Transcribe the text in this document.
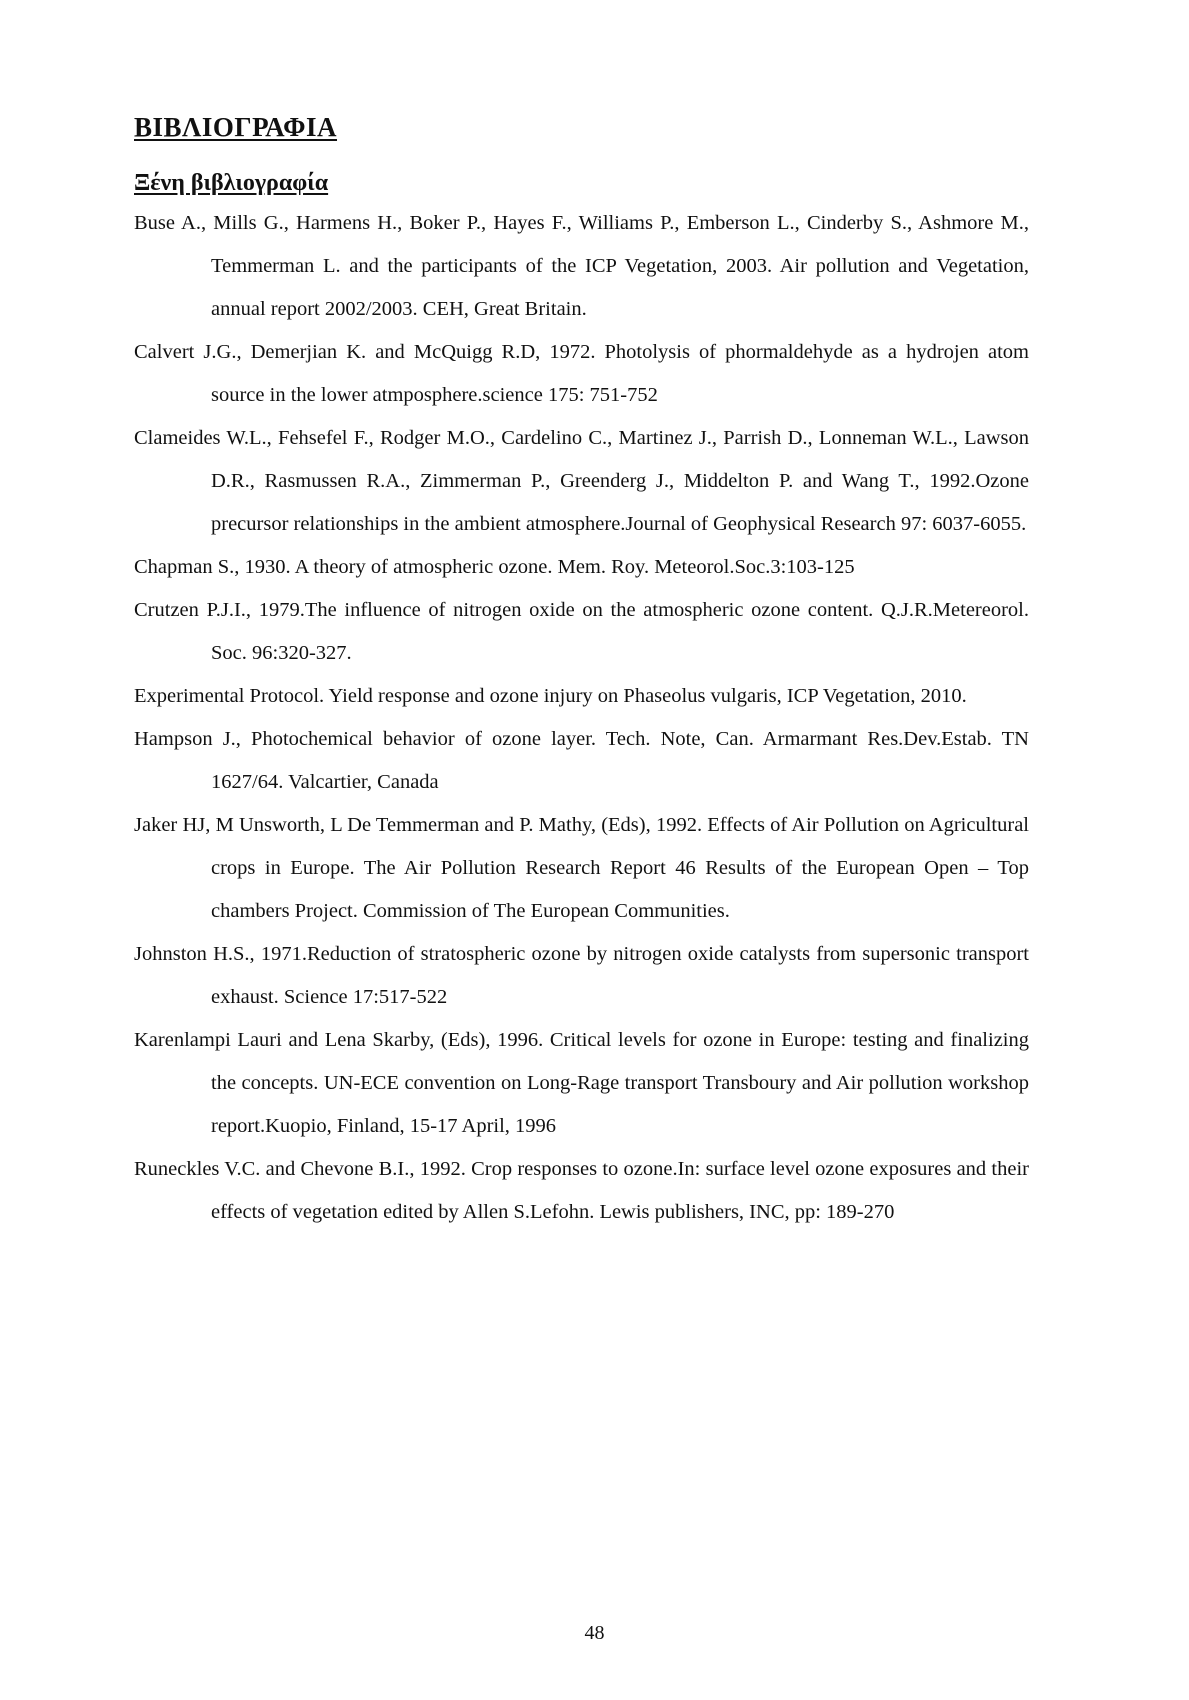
ΒΙΒΛΙΟΓΡΑΦΙΑ
Ξένη βιβλιογραφία
Buse A., Mills G., Harmens H., Boker P., Hayes F., Williams P., Emberson L., Cinderby S., Ashmore M., Temmerman L. and the participants of the ICP Vegetation, 2003. Air pollution and Vegetation, annual report 2002/2003. CEH, Great Britain.
Calvert J.G., Demerjian K. and McQuigg R.D, 1972. Photolysis of phormaldehyde as a hydrojen atom source in the lower atmposphere.science 175: 751-752
Clameides W.L., Fehsefel F., Rodger M.O., Cardelino C., Martinez J., Parrish D., Lonneman W.L., Lawson D.R., Rasmussen R.A., Zimmerman P., Greenderg J., Middelton P. and Wang T., 1992.Ozone precursor relationships in the ambient atmosphere.Journal of Geophysical Research 97: 6037-6055.
Chapman S., 1930. A theory of atmospheric ozone. Mem. Roy. Meteorol.Soc.3:103-125
Crutzen P.J.I., 1979.The influence of nitrogen oxide on the atmospheric ozone content. Q.J.R.Metereorol. Soc. 96:320-327.
Experimental Protocol. Yield response and ozone injury on Phaseolus vulgaris, ICP Vegetation, 2010.
Hampson J., Photochemical behavior of ozone layer. Tech. Note, Can. Armarmant Res.Dev.Estab. TN 1627/64. Valcartier, Canada
Jaker HJ, M Unsworth, L De Temmerman and P. Mathy, (Eds), 1992. Effects of Air Pollution on Agricultural crops in Europe. The Air Pollution Research Report 46 Results of the European Open – Top chambers Project. Commission of The European Communities.
Johnston H.S., 1971.Reduction of stratospheric ozone by nitrogen oxide catalysts from supersonic transport exhaust. Science 17:517-522
Karenlampi Lauri and Lena Skarby, (Eds), 1996. Critical levels for ozone in Europe: testing and finalizing the concepts. UN-ECE convention on Long-Rage transport Transboury and Air pollution workshop report.Kuopio, Finland, 15-17 April, 1996
Runeckles V.C. and Chevone B.I., 1992. Crop responses to ozone.In: surface level ozone exposures and their effects of vegetation edited by Allen S.Lefohn. Lewis publishers, INC, pp: 189-270
48
